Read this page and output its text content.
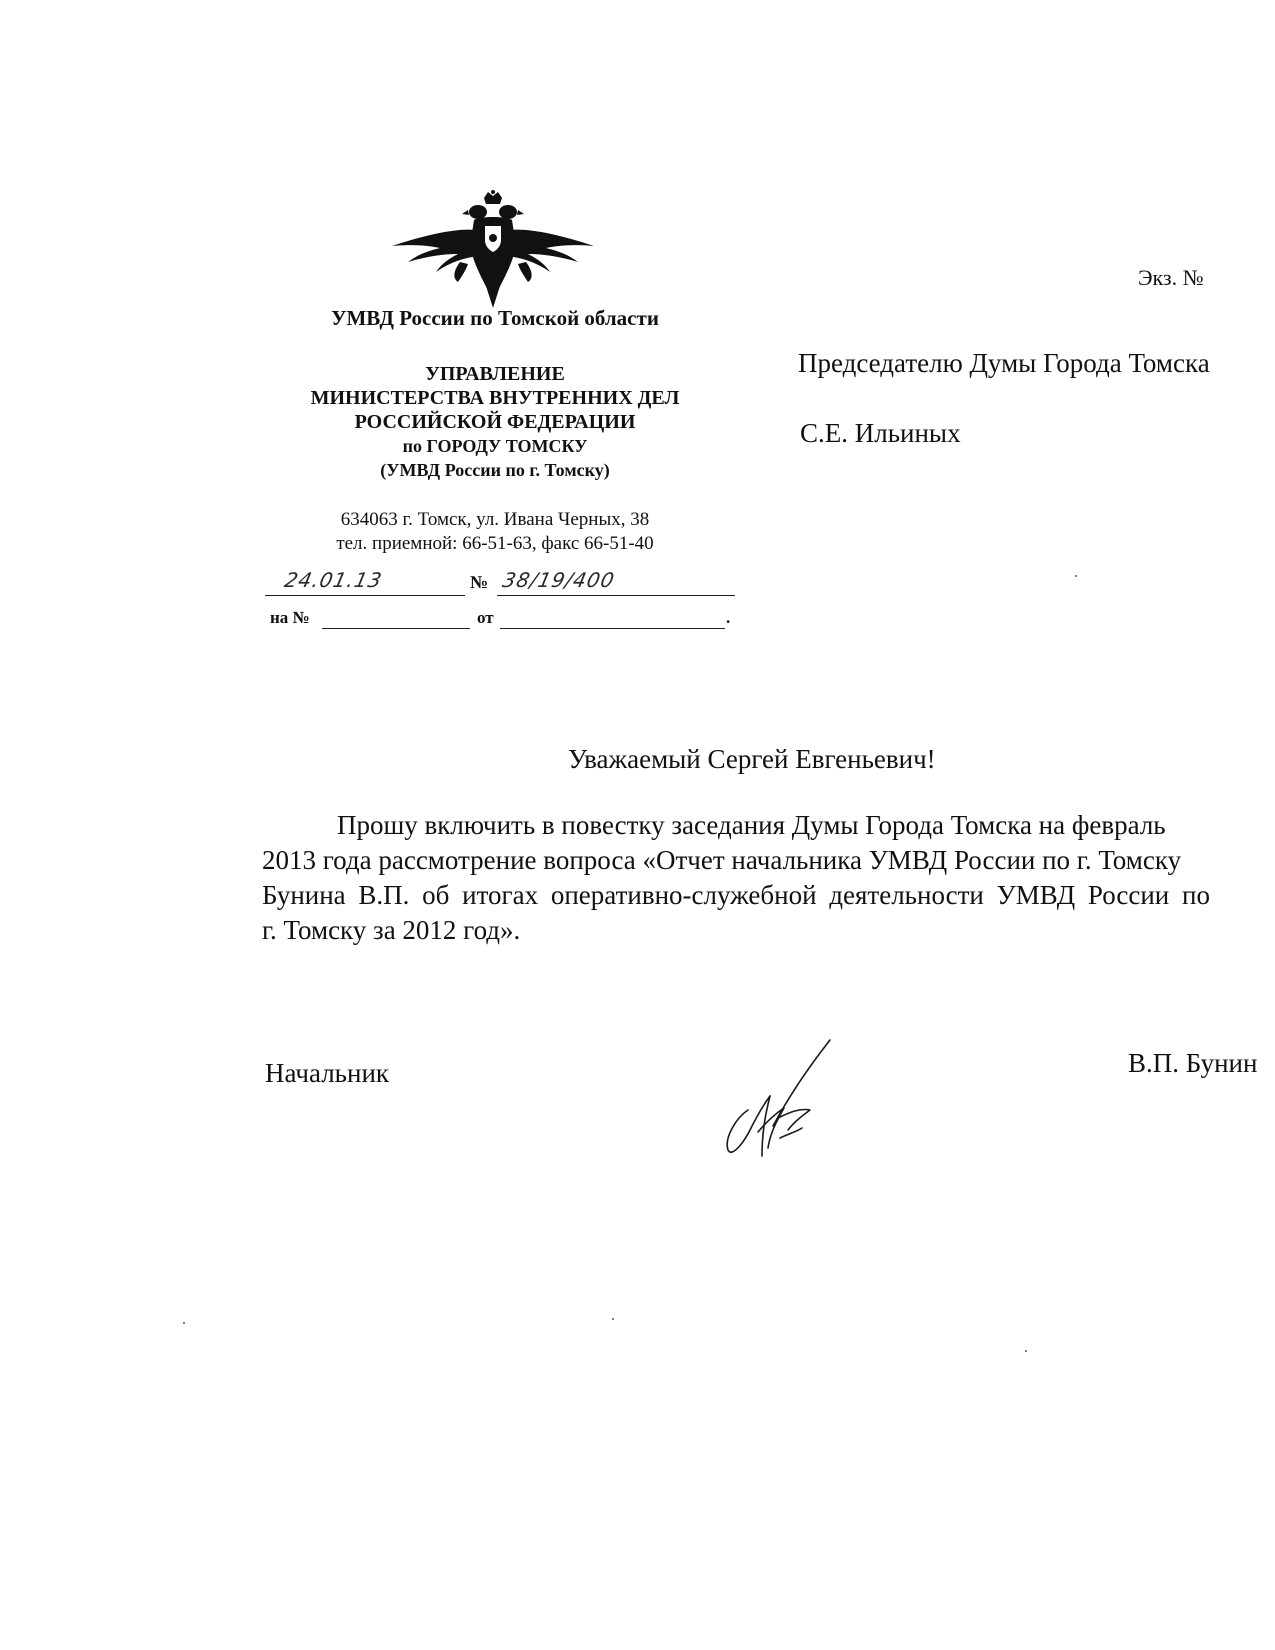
УМВД России по Томской области
УПРАВЛЕНИЕ
МИНИСТЕРСТВА ВНУТРЕННИХ ДЕЛ
РОССИЙСКОЙ ФЕДЕРАЦИИ
по ГОРОДУ ТОМСКУ
(УМВД России по г. Томску)
634063 г. Томск, ул. Ивана Черных, 38
тел. приемной: 66-51-63, факс 66-51-40
24.01.13	№ 38/19/400
на №	от	.
Экз. №
Председателю Думы Города Томска
С.Е. Ильиных
Уважаемый Сергей Евгеньевич!
Прошу включить в повестку заседания Думы Города Томска на февраль
2013 года рассмотрение вопроса «Отчет начальника УМВД России по г. Томску
Бунина В.П. об итогах оперативно-служебной деятельности УМВД России по
г. Томску за 2012 год».
Начальник	В.П. Бунин
